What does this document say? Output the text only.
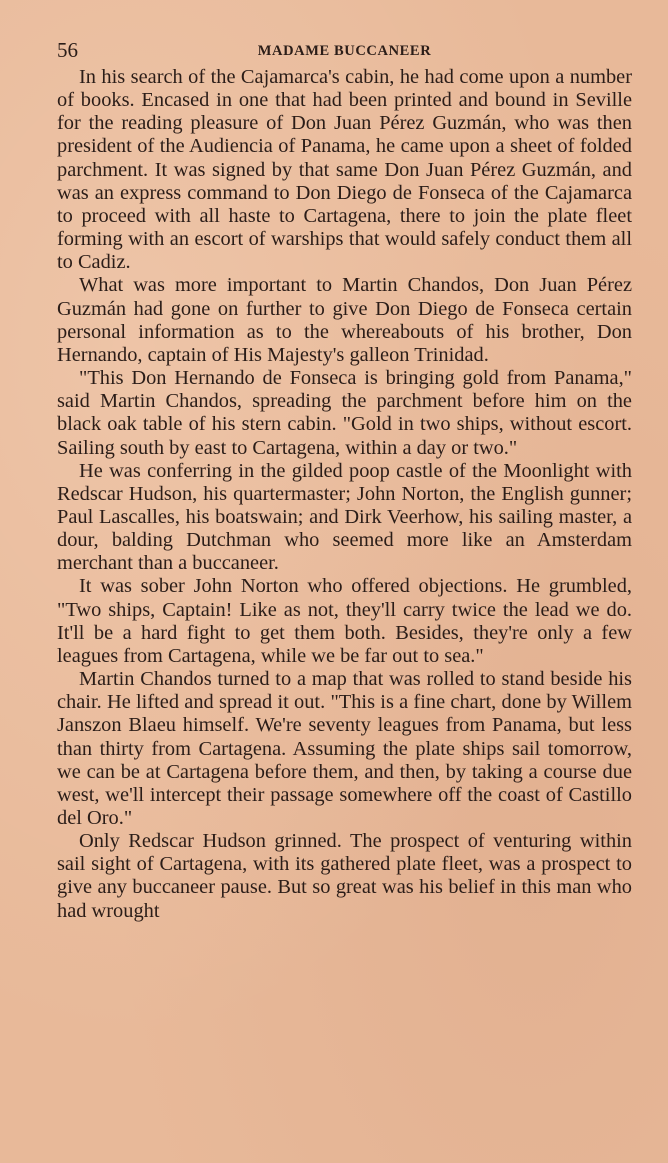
56	MADAME BUCCANEER

In his search of the Cajamarca's cabin, he had come upon a number of books. Encased in one that had been printed and bound in Seville for the reading pleasure of Don Juan Pérez Guzmán, who was then president of the Audiencia of Panama, he came upon a sheet of folded parchment. It was signed by that same Don Juan Pérez Guzmán, and was an express command to Don Diego de Fonseca of the Cajamarca to proceed with all haste to Cartagena, there to join the plate fleet forming with an escort of warships that would safely conduct them all to Cadiz.

What was more important to Martin Chandos, Don Juan Pérez Guzmán had gone on further to give Don Diego de Fonseca certain personal information as to the whereabouts of his brother, Don Hernando, captain of His Majesty's galleon Trinidad.

"This Don Hernando de Fonseca is bringing gold from Panama," said Martin Chandos, spreading the parchment before him on the black oak table of his stern cabin. "Gold in two ships, without escort. Sailing south by east to Cartagena, within a day or two."

He was conferring in the gilded poop castle of the Moonlight with Redscar Hudson, his quartermaster; John Norton, the English gunner; Paul Lascalles, his boatswain; and Dirk Veerhow, his sailing master, a dour, balding Dutchman who seemed more like an Amsterdam merchant than a buccaneer.

It was sober John Norton who offered objections. He grumbled, "Two ships, Captain! Like as not, they'll carry twice the lead we do. It'll be a hard fight to get them both. Besides, they're only a few leagues from Cartagena, while we be far out to sea."

Martin Chandos turned to a map that was rolled to stand beside his chair. He lifted and spread it out. "This is a fine chart, done by Willem Janszon Blaeu himself. We're seventy leagues from Panama, but less than thirty from Cartagena. Assuming the plate ships sail tomorrow, we can be at Cartagena before them, and then, by taking a course due west, we'll intercept their passage somewhere off the coast of Castillo del Oro."

Only Redscar Hudson grinned. The prospect of venturing within sail sight of Cartagena, with its gathered plate fleet, was a prospect to give any buccaneer pause. But so great was his belief in this man who had wrought
